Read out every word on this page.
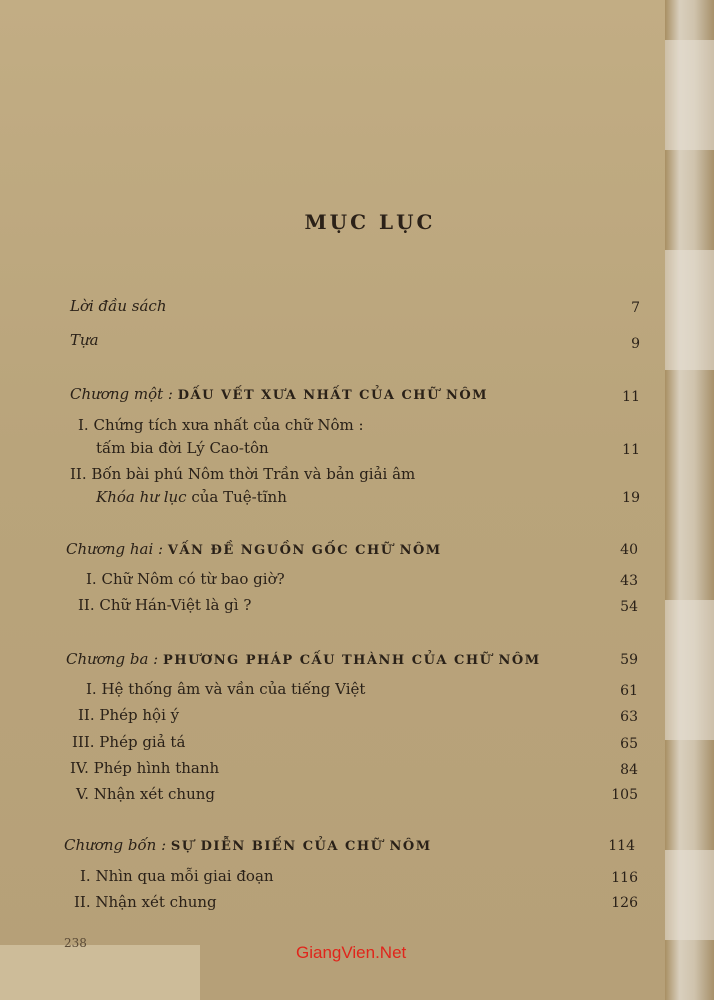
MỤC LỤC
Lời đầu sách	7
Tựa	9
Chương một : DẤU VẾT XƯA NHẤT CỦA CHỮ NÔM	11
I. Chứng tích xưa nhất của chữ Nôm :
tấm bia đời Lý Cao-tôn	11
II. Bốn bài phú Nôm thời Trần và bản giải âm
Khóa hư lục của Tuệ-tĩnh	19
Chương hai : VẤN ĐỀ NGUỒN GỐC CHỮ NÔM	40
I. Chữ Nôm có từ bao giờ?	43
II. Chữ Hán-Việt là gì ?	54
Chương ba : PHƯƠNG PHÁP CẤU THÀNH CỦA CHỮ NÔM	59
I. Hệ thống âm và vần của tiếng Việt	61
II. Phép hội ý	63
III. Phép giả tá	65
IV. Phép hình thanh	84
V. Nhận xét chung	105
Chương bốn : SỰ DIỄN BIẾN CỦA CHỮ NÔM	114
I. Nhìn qua mỗi giai đoạn	116
II. Nhận xét chung	126
238	GiangVien.Net
